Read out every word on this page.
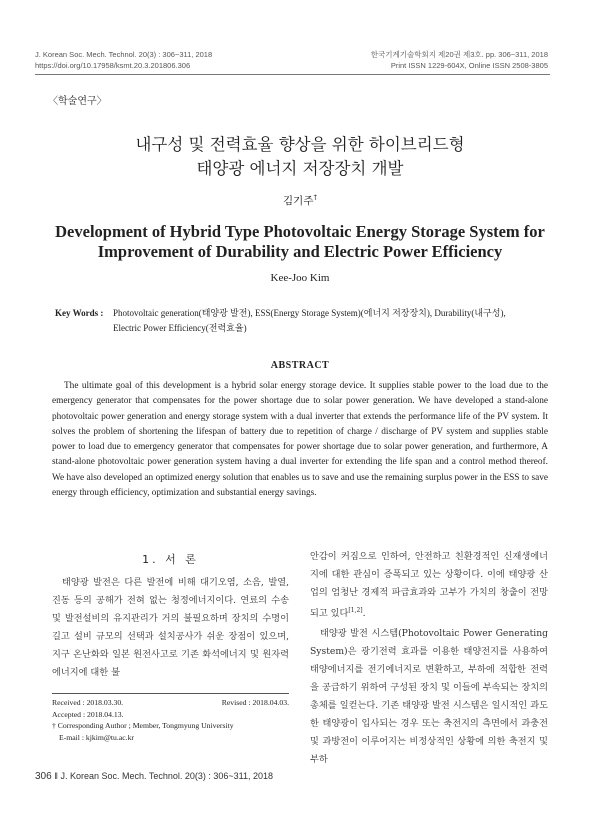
J. Korean Soc. Mech. Technol. 20(3) : 306~311, 2018
https://doi.org/10.17958/ksmt.20.3.201806.306
한국기계기술학회지 제20권 제3호. pp. 306~311, 2018
Print ISSN 1229-604X, Online ISSN 2508-3805
〈학술연구〉
내구성 및 전력효율 향상을 위한 하이브리드형
태양광 에너지 저장장치 개발
김기주†
Development of Hybrid Type Photovoltaic Energy Storage System for
Improvement of Durability and Electric Power Efficiency
Kee-Joo Kim
Key Words : Photovoltaic generation(태양광 발전), ESS(Energy Storage System)(에너지 저장장치), Durability(내구성),
Electric Power Efficiency(전력효율)
ABSTRACT
The ultimate goal of this development is a hybrid solar energy storage device. It supplies stable power to the load due to the emergency generator that compensates for the power shortage due to solar power generation. We have developed a stand-alone photovoltaic power generation and energy storage system with a dual inverter that extends the performance life of the PV system. It solves the problem of shortening the lifespan of battery due to repetition of charge / discharge of PV system and supplies stable power to load due to emergency generator that compensates for power shortage due to solar power generation, and furthermore, A stand-alone photovoltaic power generation system having a dual inverter for extending the life span and a control method thereof. We have also developed an optimized energy solution that enables us to save and use the remaining surplus power in the ESS to save energy through efficiency, optimization and substantial energy savings.
1. 서 론
태양광 발전은 다른 발전에 비해 대기오염, 소음, 발열, 진동 등의 공해가 전혀 없는 청정에너지이다. 연료의 수송 및 발전설비의 유지관리가 거의 불필요하며 장치의 수명이 길고 설비 규모의 선택과 설치공사가 쉬운 장점이 있으며, 지구 온난화와 일본 원전사고로 기존 화석에너지 및 원자력 에너지에 대한 불

안감이 커짐으로 인하여, 안전하고 친환경적인 신재생에너지에 대한 관심이 증폭되고 있는 상황이다. 이에 태양광 산업의 엄청난 경제적 파급효과와 고부가 가치의 창출이 전망되고 있다[1,2].

태양광 발전 시스템(Photovoltaic Power Generating System)은 광기전력 효과를 이용한 태양전지를 사용하여 태양에너지를 전기에너지로 변환하고, 부하에 적합한 전력을 공급하기 위하여 구성된 장치 및 이들에 부속되는 장치의 총체를 일컫는다. 기존 태양광 발전 시스템은 일시적인 과도한 태양광이 입사되는 경우 또는 축전지의 측면에서 과충전 및 과방전이 이루어지는 비정상적인 상황에 의한 축전지 및 부하

Received : 2018.03.30.	Revised : 2018.04.03.
Accepted : 2018.04.13.
† Corresponding Author ; Member, Tongmyung University
E-mail : kjkim@tu.ac.kr
306 ‖ J. Korean Soc. Mech. Technol. 20(3) : 306~311, 2018
